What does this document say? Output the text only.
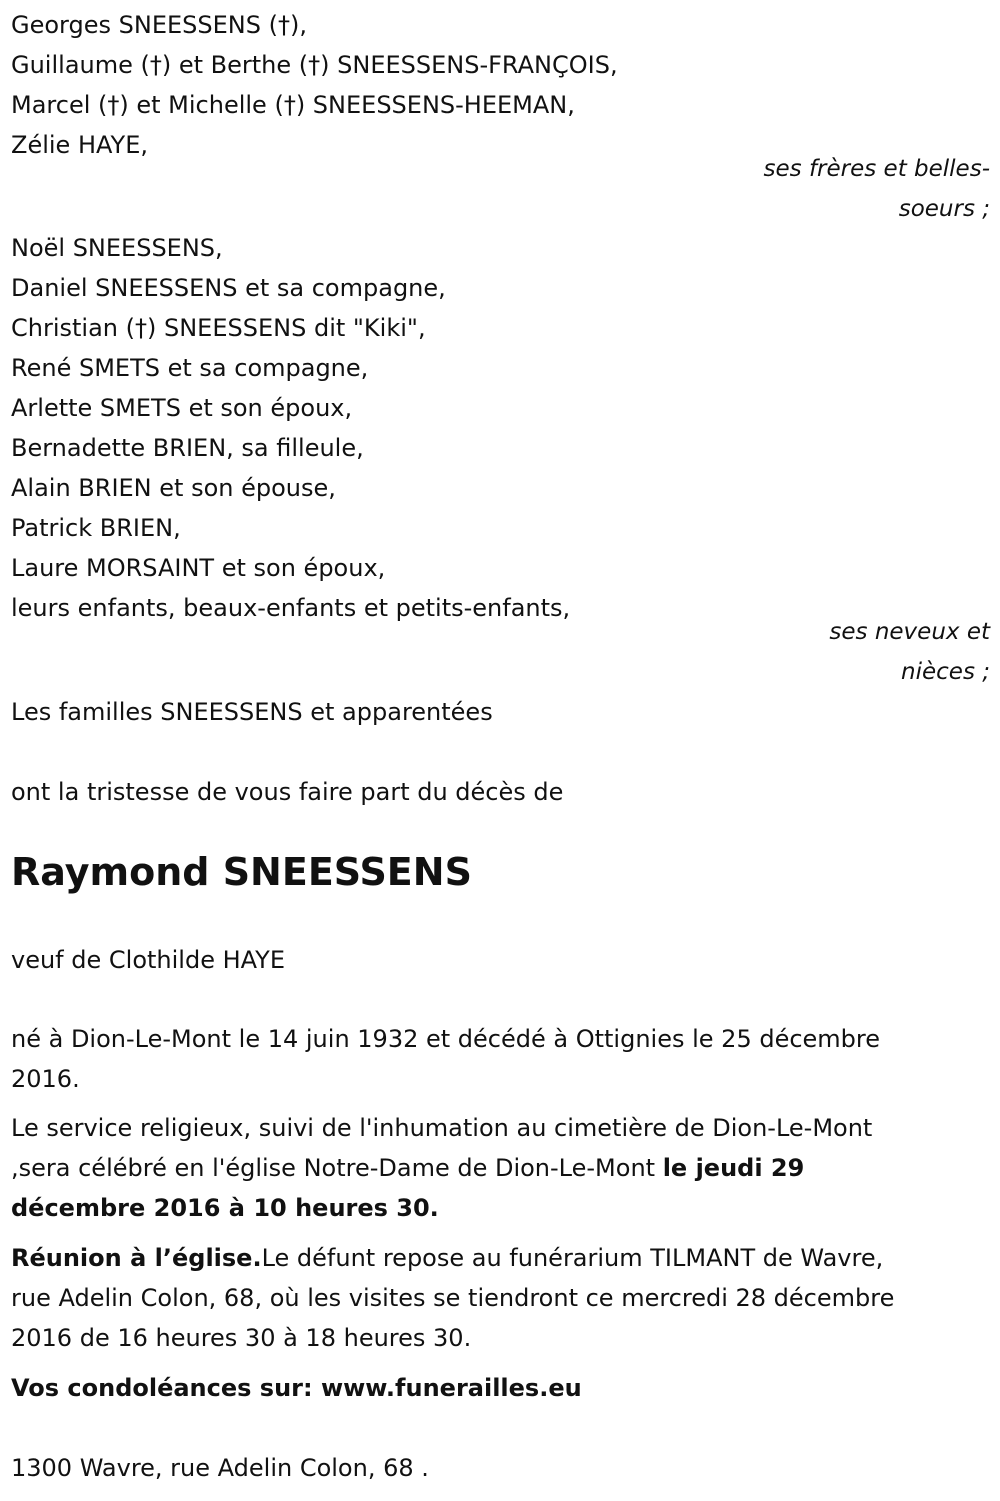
Georges SNEESSENS (†),
Guillaume (†) et Berthe (†) SNEESSENS-FRANÇOIS,
Marcel (†) et Michelle (†) SNEESSENS-HEEMAN,
Zélie HAYE,
ses frères et belles-
soeurs ;
Noël SNEESSENS,
Daniel SNEESSENS et sa compagne,
Christian (†) SNEESSENS dit "Kiki",
René SMETS et sa compagne,
Arlette SMETS et son époux,
Bernadette BRIEN, sa filleule,
Alain BRIEN et son épouse,
Patrick BRIEN,
Laure MORSAINT et son époux,
leurs enfants, beaux-enfants et petits-enfants,
ses neveux et
nièces ;
Les familles SNEESSENS et apparentées
ont la tristesse de vous faire part du décès de
Raymond SNEESSENS
veuf de Clothilde HAYE
né à Dion-Le-Mont le 14 juin 1932 et décédé à Ottignies le 25 décembre
2016.
Le service religieux, suivi de l'inhumation au cimetière de Dion-Le-Mont
,sera célébré en l'église Notre-Dame de Dion-Le-Mont le jeudi 29
décembre 2016 à 10 heures 30.
Réunion à l’église.Le défunt repose au funérarium TILMANT de Wavre,
rue Adelin Colon, 68, où les visites se tiendront ce mercredi 28 décembre
2016 de 16 heures 30 à 18 heures 30.
Vos condoléances sur: www.funerailles.eu
1300 Wavre, rue Adelin Colon, 68 .
